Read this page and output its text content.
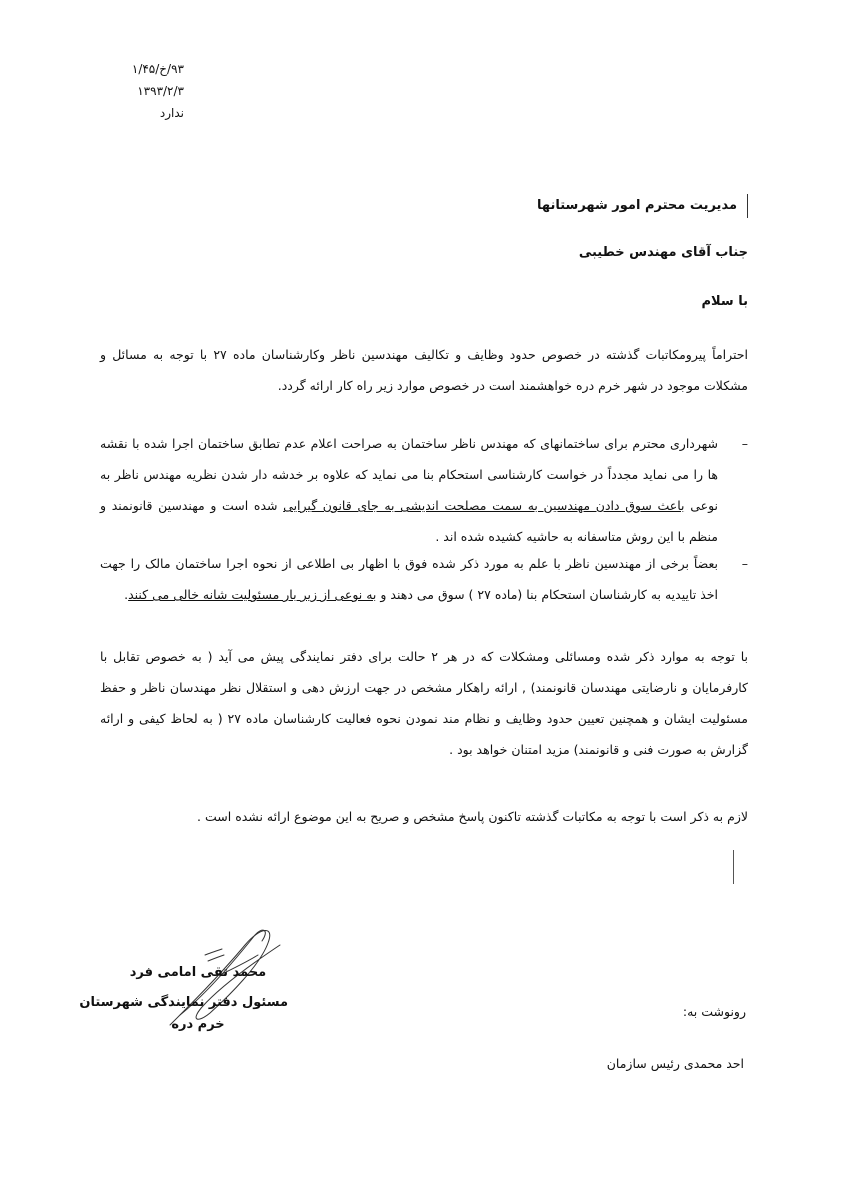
۹۳/خ/۱/۴۵
۱۳۹۳/۲/۳
ندارد
مدیریت محترم امور شهرستانها
جناب آقای مهندس خطیبی
با سلام
احتراماً پیرومکاتبات گذشته در خصوص حدود وظایف و تکالیف مهندسین ناظر وکارشناسان ماده ۲۷ با توجه به مسائل و مشکلات موجود در شهر خرم دره خواهشمند است در خصوص موارد زیر راه کار ارائه گردد.
–
شهرداری محترم برای ساختمانهای که مهندس ناظر ساختمان به صراحت اعلام عدم تطابق ساختمان اجرا شده با نقشه ها را می نماید مجدداً در خواست کارشناسی استحکام بنا می نماید که علاوه بر خدشه دار شدن نظریه مهندس ناظر به نوعی باعث سوق دادن مهندسین به سمت مصلحت اندیشی به جای قانون گیرایی شده است و مهندسین قانونمند و منظم با این روش متاسفانه به حاشیه کشیده شده اند .
–
بعضاً برخی از مهندسین ناظر با علم به مورد ذکر شده فوق با اظهار بی اطلاعی از نحوه اجرا ساختمان مالک را جهت اخذ تاییدیه به کارشناسان استحکام بنا (ماده ۲۷ ) سوق می دهند و به نوعی از زیر بار مسئولیت شانه خالی می کنند.
با توجه به موارد ذکر شده ومسائلی ومشکلات که در هر ۲ حالت برای دفتر نمایندگی پیش می آید ( به خصوص تقابل با کارفرمایان و نارضایتی مهندسان قانونمند) , ارائه راهکار مشخص در جهت ارزش دهی و استقلال نظر مهندسان ناظر و حفظ مسئولیت ایشان و همچنین تعیین حدود وظایف و نظام مند نمودن نحوه فعالیت کارشناسان ماده ۲۷ ( به لحاظ کیفی و ارائه گزارش به صورت فنی و قانونمند) مزید امتنان خواهد بود .
لازم به ذکر است با توجه به مکاتبات گذشته تاکنون پاسخ مشخص و صریح به این موضوع ارائه نشده است .
محمد تقی امامی فرد
مسئول دفتر نمایندگی شهرستان
خرم دره
رونوشت به:
احد محمدی رئیس سازمان
